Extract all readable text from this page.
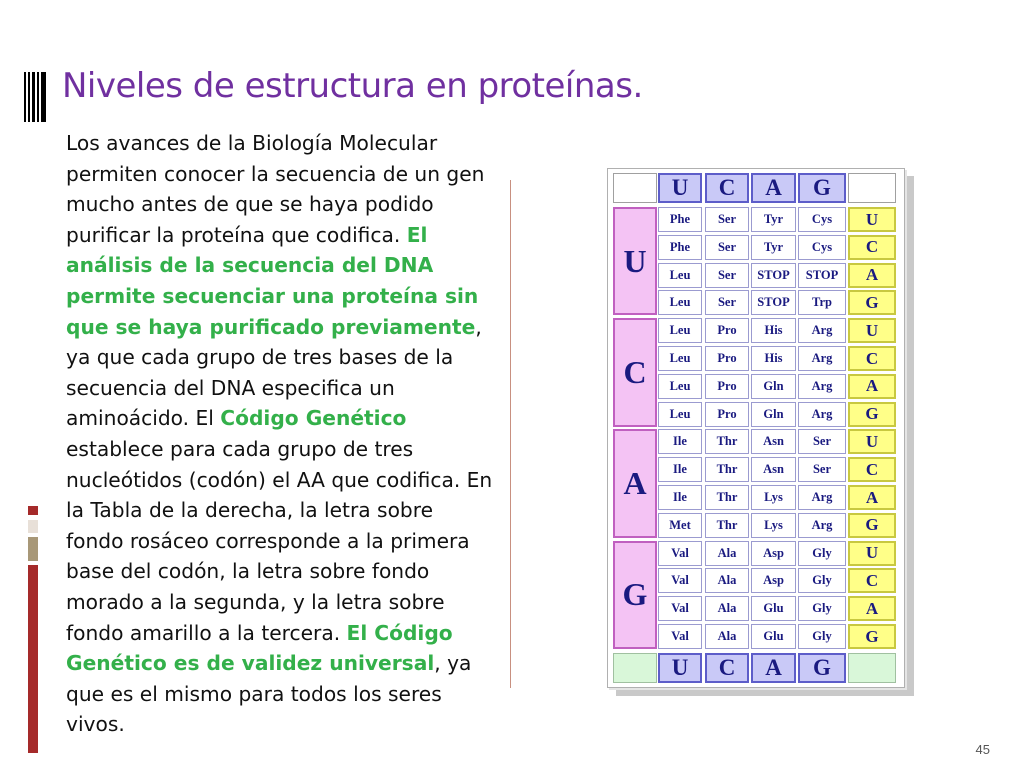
Niveles de estructura en proteínas.
Los avances de la Biología Molecular permiten conocer la secuencia de un gen mucho antes de que se haya podido purificar la proteína que codifica. El análisis de la secuencia del DNA permite secuenciar una proteína sin que se haya purificado previamente, ya que cada grupo de tres bases de la secuencia del DNA especifica un aminoácido. El Código Genético establece para cada grupo de tres nucleótidos (codón) el AA que codifica. En la Tabla de la derecha, la letra sobre fondo rosáceo corresponde a la primera base del codón, la letra sobre fondo morado a la segunda, y la letra sobre fondo amarillo a la tercera. El Código Genético es de validez universal, ya que es el mismo para todos los seres vivos.
U	C	A	G
U
C
A
G
Phe	Ser	Tyr	Cys	U
Phe	Ser	Tyr	Cys	C
Leu	Ser	STOP	STOP	A
Leu	Ser	STOP	Trp	G
Leu	Pro	His	Arg	U
Leu	Pro	His	Arg	C
Leu	Pro	Gln	Arg	A
Leu	Pro	Gln	Arg	G
Ile	Thr	Asn	Ser	U
Ile	Thr	Asn	Ser	C
Ile	Thr	Lys	Arg	A
Met	Thr	Lys	Arg	G
Val	Ala	Asp	Gly	U
Val	Ala	Asp	Gly	C
Val	Ala	Glu	Gly	A
Val	Ala	Glu	Gly	G
U	C	A	G
45
